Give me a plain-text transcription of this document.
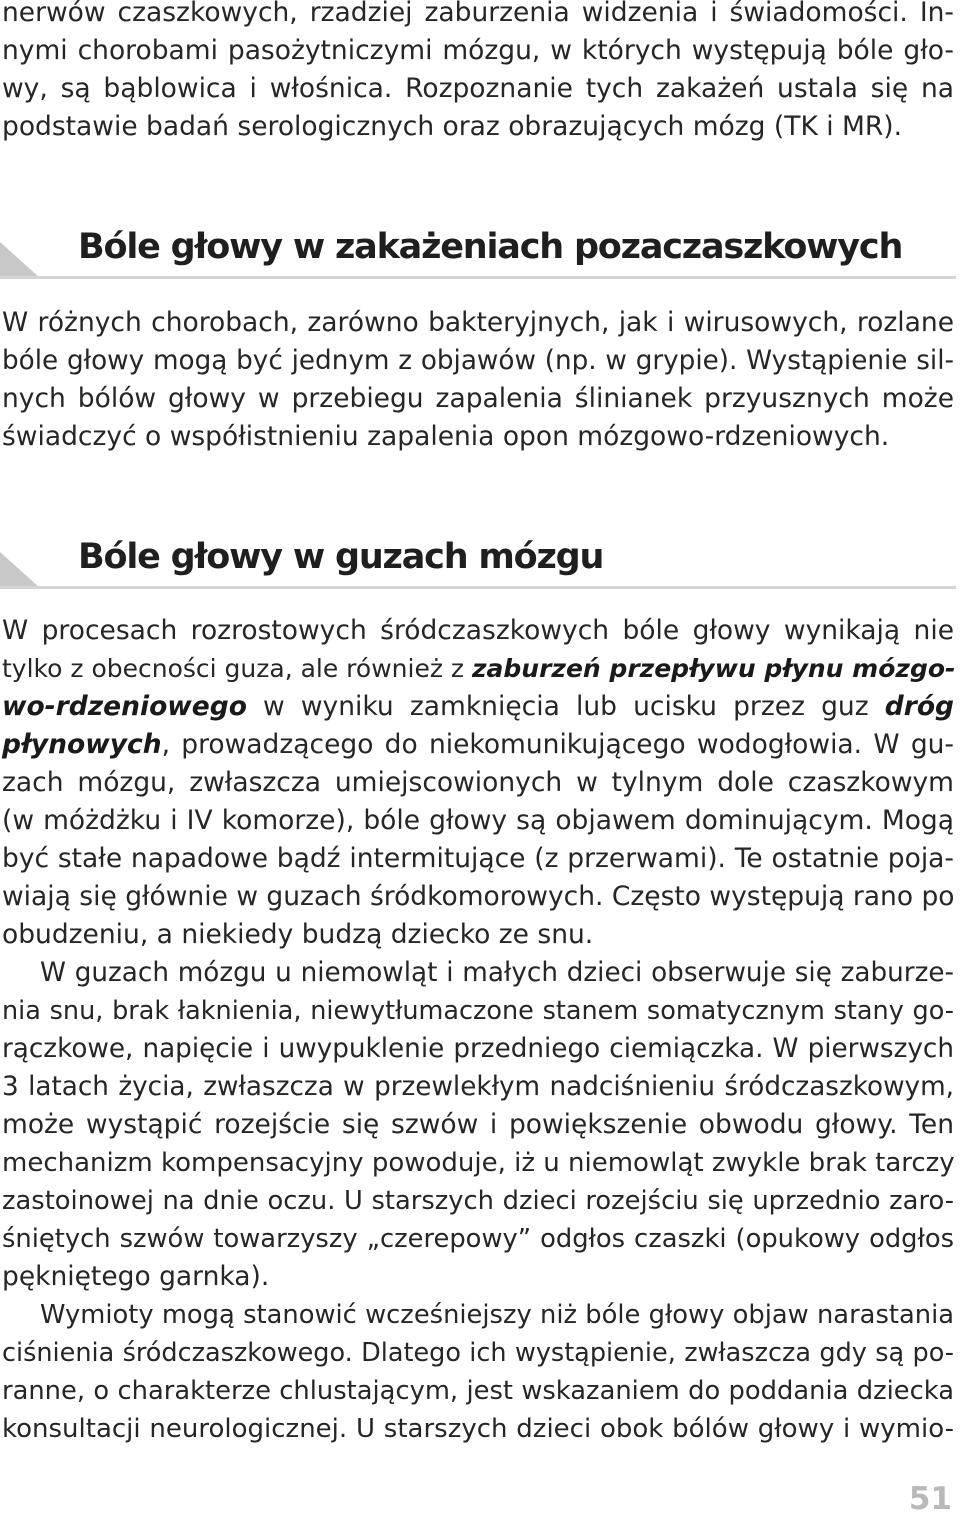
nerwów czaszkowych, rzadziej zaburzenia widzenia i świadomości. In-
nymi chorobami pasożytniczymi mózgu, w których występują bóle gło-
wy, są bąblowica i włośnica. Rozpoznanie tych zakażeń ustala się na
podstawie badań serologicznych oraz obrazujących mózg (TK i MR).
Bóle głowy w zakażeniach pozaczaszkowych
W różnych chorobach, zarówno bakteryjnych, jak i wirusowych, rozlane
bóle głowy mogą być jednym z objawów (np. w grypie). Wystąpienie sil-
nych bólów głowy w przebiegu zapalenia ślinianek przyusznych może
świadczyć o współistnieniu zapalenia opon mózgowo-rdzeniowych.
Bóle głowy w guzach mózgu
W procesach rozrostowych śródczaszkowych bóle głowy wynikają nie
tylko z obecności guza, ale również z zaburzeń przepływu płynu mózgo-
wo-rdzeniowego w wyniku zamknięcia lub ucisku przez guz dróg
płynowych, prowadzącego do niekomunikującego wodogłowia. W gu-
zach mózgu, zwłaszcza umiejscowionych w tylnym dole czaszkowym
(w móżdżku i IV komorze), bóle głowy są objawem dominującym. Mogą
być stałe napadowe bądź intermitujące (z przerwami). Te ostatnie poja-
wiają się głównie w guzach śródkomorowych. Często występują rano po
obudzeniu, a niekiedy budzą dziecko ze snu.
W guzach mózgu u niemowląt i małych dzieci obserwuje się zaburze-
nia snu, brak łaknienia, niewytłumaczone stanem somatycznym stany go-
rączkowe, napięcie i uwypuklenie przedniego ciemiączka. W pierwszych
3 latach życia, zwłaszcza w przewlekłym nadciśnieniu śródczaszkowym,
może wystąpić rozejście się szwów i powiększenie obwodu głowy. Ten
mechanizm kompensacyjny powoduje, iż u niemowląt zwykle brak tarczy
zastoinowej na dnie oczu. U starszych dzieci rozejściu się uprzednio zaro-
śniętych szwów towarzyszy „czerepowy” odgłos czaszki (opukowy odgłos
pękniętego garnka).
Wymioty mogą stanowić wcześniejszy niż bóle głowy objaw narastania
ciśnienia śródczaszkowego. Dlatego ich wystąpienie, zwłaszcza gdy są po-
ranne, o charakterze chlustającym, jest wskazaniem do poddania dziecka
konsultacji neurologicznej. U starszych dzieci obok bólów głowy i wymio-
51
